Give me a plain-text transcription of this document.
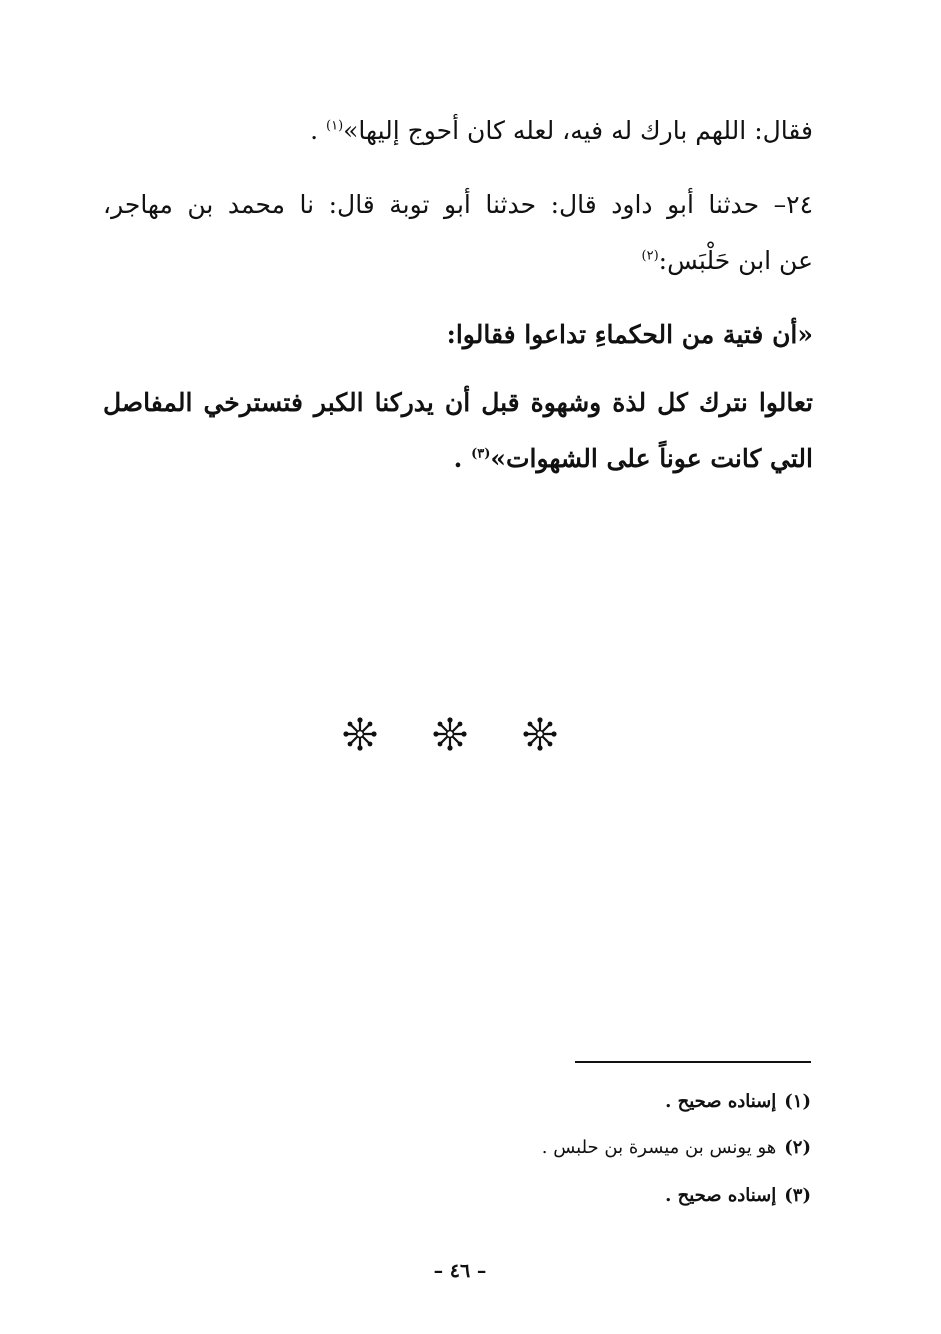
فقال: اللهم بارك له فيه، لعله كان أحوج إليها»$^{(١)}$ .
٢٤– حدثنا أبو داود قال: حدثنا أبو توبة قال: نا محمد بن مهاجر،
عن ابن حَلْبَس:$^{(٢)}$
«أن فتية من الحكماءِ تداعوا فقالوا:
تعالوا نترك كل لذة وشهوة قبل أن يدركنا الكبر فتسترخي المفاصل
التي كانت عوناً على الشهوات»$^{(٣)}$ .
(١)إسناده صحيح .
(٢)هو يونس بن ميسرة بن حلبس .
(٣)إسناده صحيح .
– ٤٦ –
